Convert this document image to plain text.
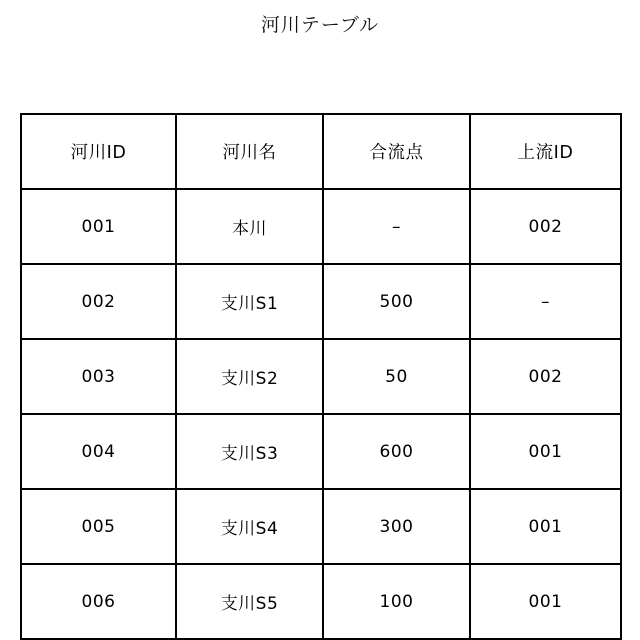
河川テーブル
河川ID	河川名	合流点	上流ID
001	本川	–	002
002	支川S1	500	–
003	支川S2	50	002
004	支川S3	600	001
005	支川S4	300	001
006	支川S5	100	001
